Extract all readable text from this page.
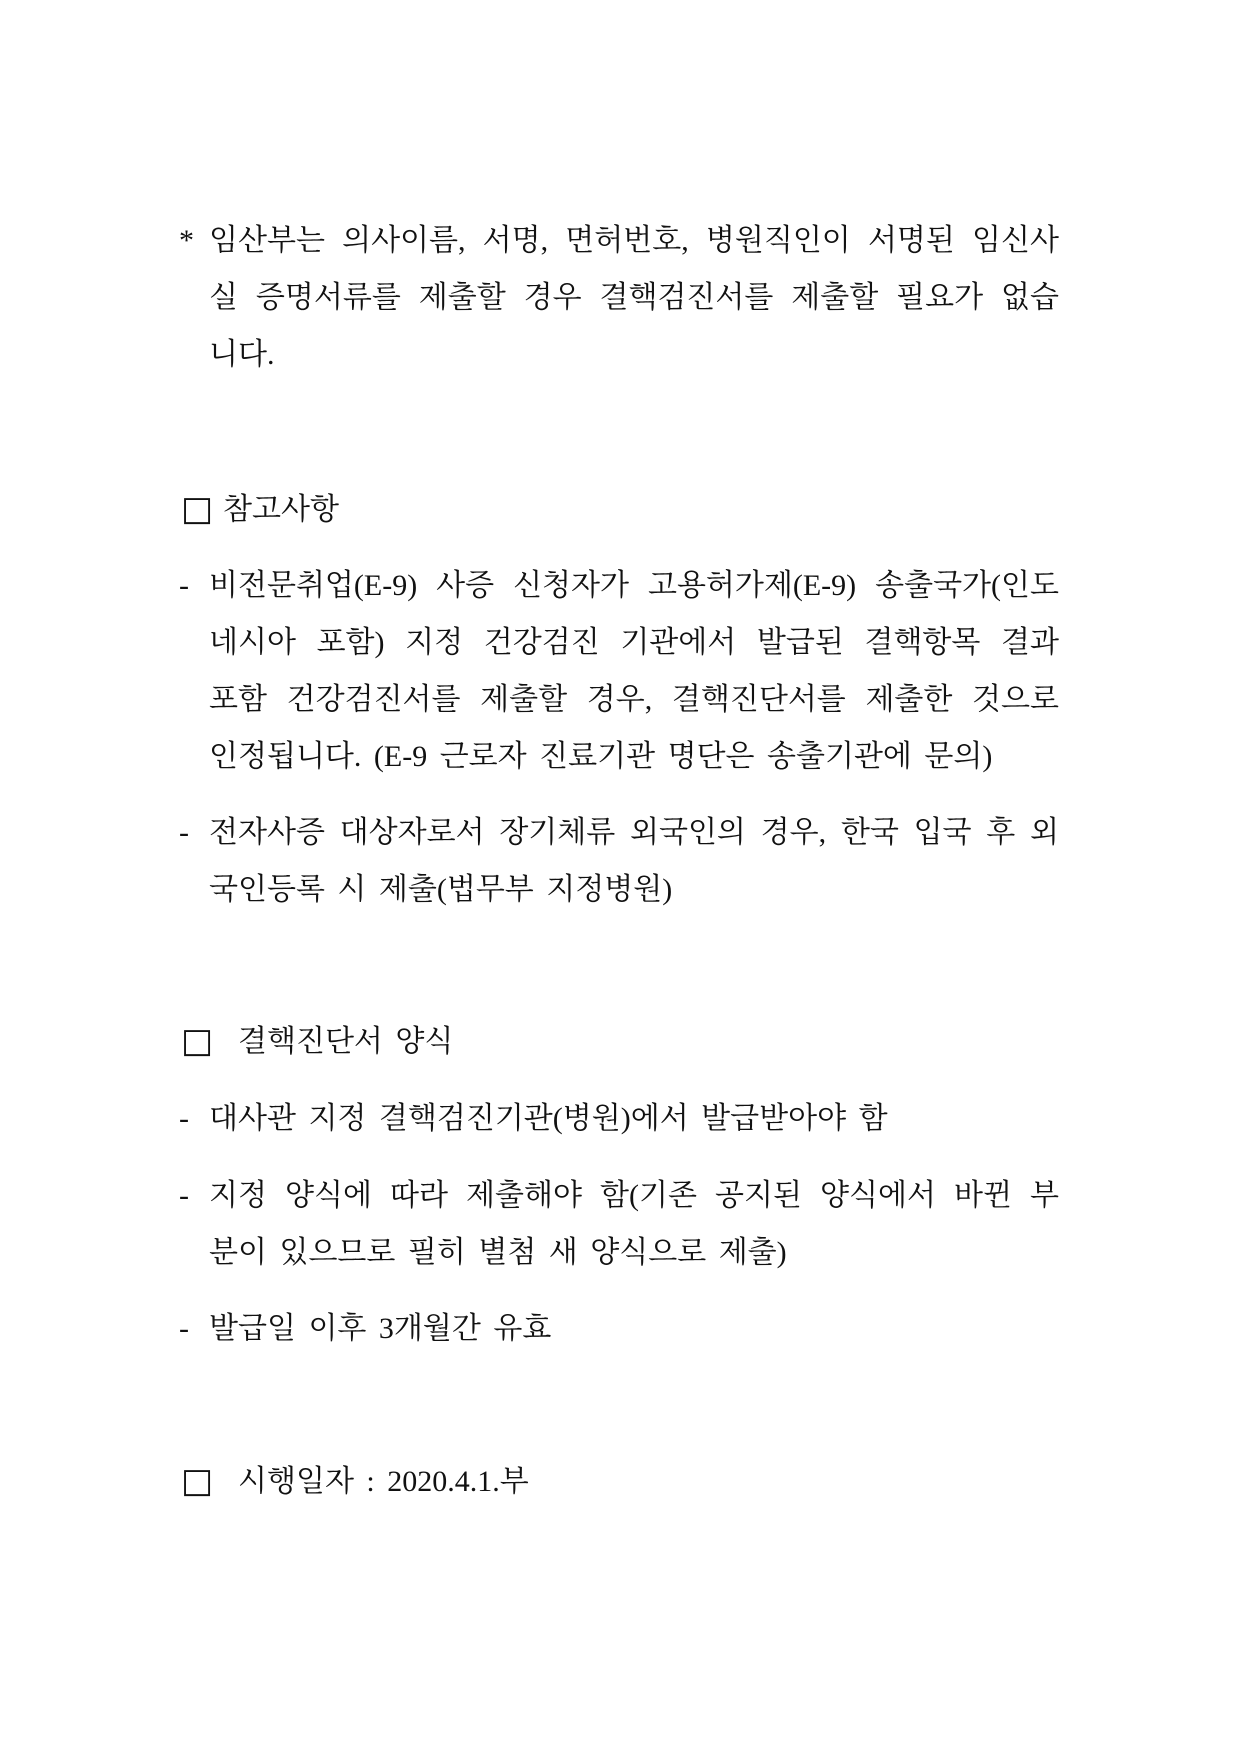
* 임산부는 의사이름, 서명, 면허번호, 병원직인이 서명된 임신사
실 증명서류를 제출할 경우 결핵검진서를 제출할 필요가 없습
니다.
□ 참고사항
- 비전문취업(E-9) 사증 신청자가 고용허가제(E-9) 송출국가(인도
네시아 포함) 지정 건강검진 기관에서 발급된 결핵항목 결과
포함 건강검진서를 제출할 경우, 결핵진단서를 제출한 것으로
인정됩니다. (E-9 근로자 진료기관 명단은 송출기관에 문의)
- 전자사증 대상자로서 장기체류 외국인의 경우, 한국 입국 후 외
국인등록 시 제출(법무부 지정병원)
□ 결핵진단서 양식
- 대사관 지정 결핵검진기관(병원)에서 발급받아야 함
- 지정 양식에 따라 제출해야 함(기존 공지된 양식에서 바뀐 부
분이 있으므로 필히 별첨 새 양식으로 제출)
- 발급일 이후 3개월간 유효
□ 시행일자 : 2020.4.1.부
